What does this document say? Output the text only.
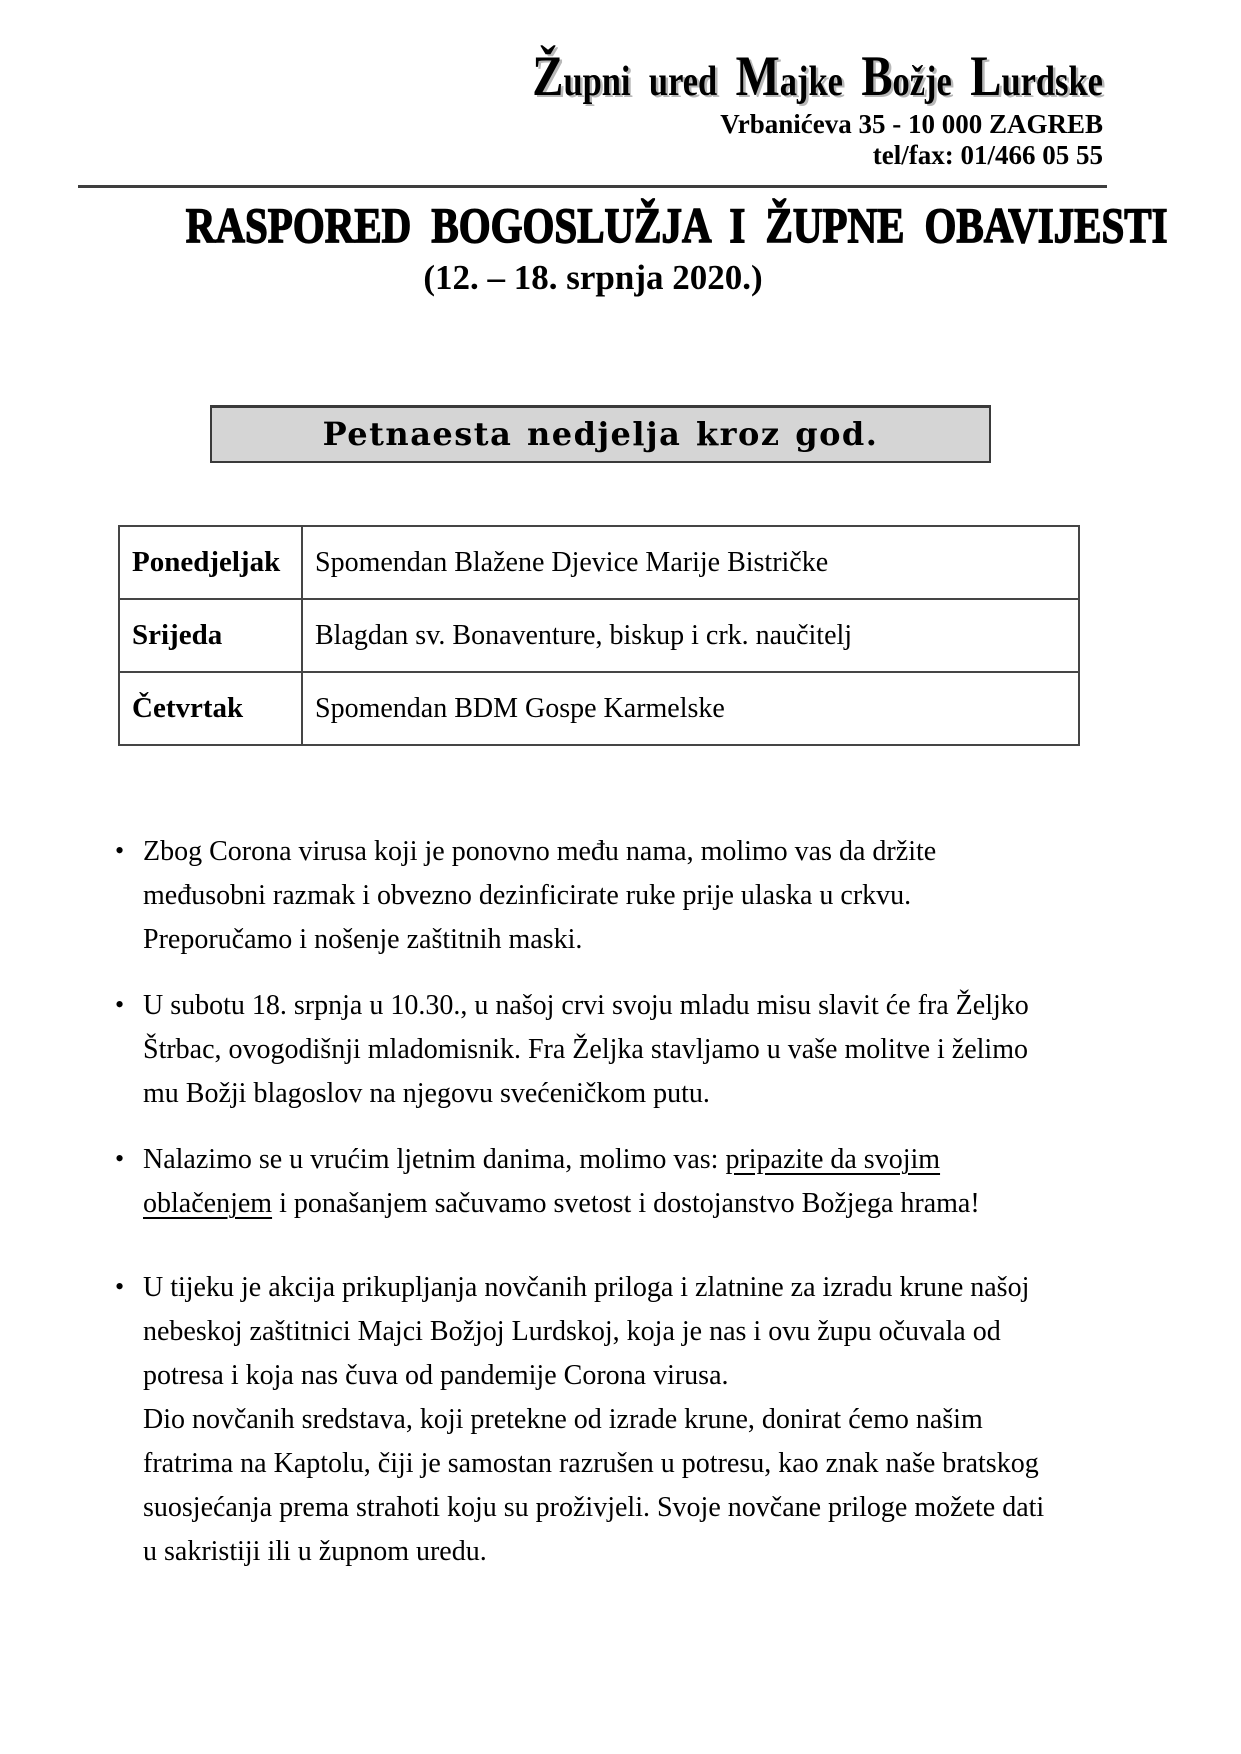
Župni ured Majke Božje Lurdske
Vrbanićeva 35 - 10 000 ZAGREB
tel/fax: 01/466 05 55
RASPORED BOGOSLUŽJA I ŽUPNE OBAVIJESTI
(12. – 18. srpnja 2020.)
Petnaesta nedjelja kroz god.
Ponedjeljak	Spomendan Blažene Djevice Marije Bistričke
Srijeda	Blagdan sv. Bonaventure, biskup i crk. naučitelj
Četvrtak	Spomendan BDM Gospe Karmelske
• Zbog Corona virusa koji je ponovno među nama, molimo vas da držite
međusobni razmak i obvezno dezinficirate ruke prije ulaska u crkvu.
Preporučamo i nošenje zaštitnih maski.
• U subotu 18. srpnja u 10.30., u našoj crvi svoju mladu misu slavit će fra Željko
Štrbac, ovogodišnji mladomisnik. Fra Željka stavljamo u vaše molitve i želimo
mu Božji blagoslov na njegovu svećeničkom putu.
• Nalazimo se u vrućim ljetnim danima, molimo vas: pripazite da svojim
oblačenjem i ponašanjem sačuvamo svetost i dostojanstvo Božjega hrama!
• U tijeku je akcija prikupljanja novčanih priloga i zlatnine za izradu krune našoj
nebeskoj zaštitnici Majci Božjoj Lurdskoj, koja je nas i ovu župu očuvala od
potresa i koja nas čuva od pandemije Corona virusa.
Dio novčanih sredstava, koji pretekne od izrade krune, donirat ćemo našim
fratrima na Kaptolu, čiji je samostan razrušen u potresu, kao znak naše bratskog
suosjećanja prema strahoti koju su proživjeli. Svoje novčane priloge možete dati
u sakristiji ili u župnom uredu.
